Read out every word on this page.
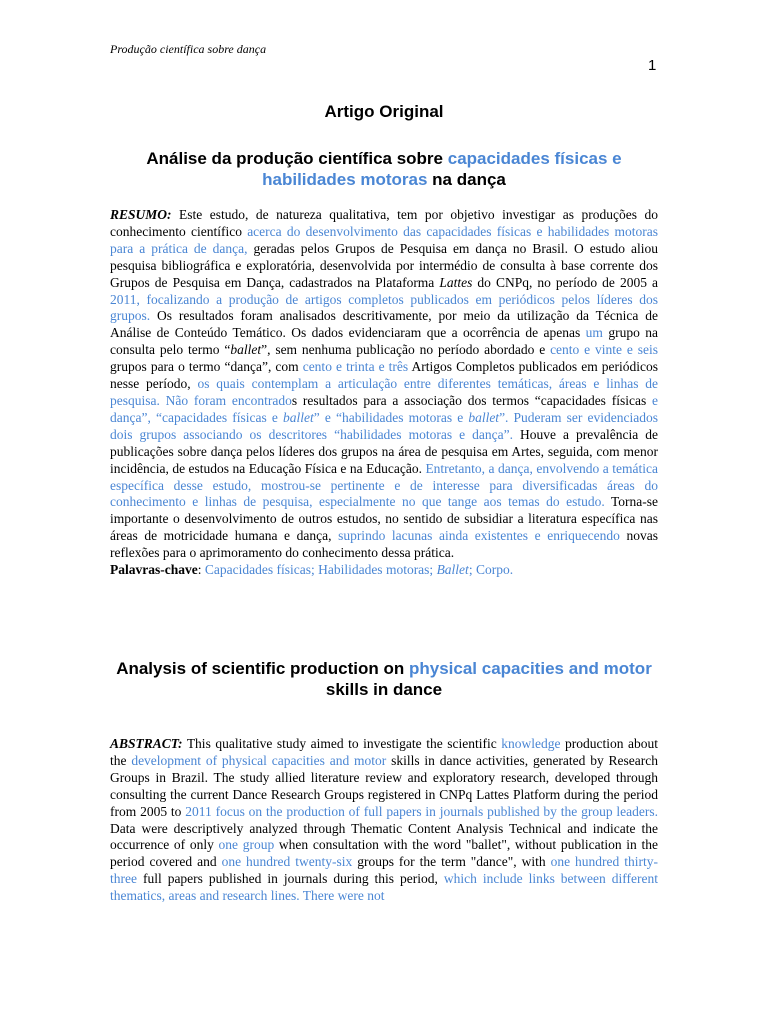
Produção científica sobre dança
1
Artigo Original
Análise da produção científica sobre capacidades físicas e habilidades motoras na dança
RESUMO: Este estudo, de natureza qualitativa, tem por objetivo investigar as produções do conhecimento científico acerca do desenvolvimento das capacidades físicas e habilidades motoras para a prática de dança, geradas pelos Grupos de Pesquisa em dança no Brasil. O estudo aliou pesquisa bibliográfica e exploratória, desenvolvida por intermédio de consulta à base corrente dos Grupos de Pesquisa em Dança, cadastrados na Plataforma Lattes do CNPq, no período de 2005 a 2011, focalizando a produção de artigos completos publicados em periódicos pelos líderes dos grupos. Os resultados foram analisados descritivamente, por meio da utilização da Técnica de Análise de Conteúdo Temático. Os dados evidenciaram que a ocorrência de apenas um grupo na consulta pelo termo “ballet”, sem nenhuma publicação no período abordado e cento e vinte e seis grupos para o termo “dança”, com cento e trinta e três Artigos Completos publicados em periódicos nesse período, os quais contemplam a articulação entre diferentes temáticas, áreas e linhas de pesquisa. Não foram encontrados resultados para a associação dos termos “capacidades físicas e dança”, “capacidades físicas e ballet” e “habilidades motoras e ballet”. Puderam ser evidenciados dois grupos associando os descritores “habilidades motoras e dança”. Houve a prevalência de publicações sobre dança pelos líderes dos grupos na área de pesquisa em Artes, seguida, com menor incidência, de estudos na Educação Física e na Educação. Entretanto, a dança, envolvendo a temática específica desse estudo, mostrou-se pertinente e de interesse para diversificadas áreas do conhecimento e linhas de pesquisa, especialmente no que tange aos temas do estudo. Torna-se importante o desenvolvimento de outros estudos, no sentido de subsidiar a literatura específica nas áreas de motricidade humana e dança, suprindo lacunas ainda existentes e enriquecendo novas reflexões para o aprimoramento do conhecimento dessa prática.
Palavras-chave: Capacidades físicas; Habilidades motoras; Ballet; Corpo.
Analysis of scientific production on physical capacities and motor skills in dance
ABSTRACT: This qualitative study aimed to investigate the scientific knowledge production about the development of physical capacities and motor skills in dance activities, generated by Research Groups in Brazil. The study allied literature review and exploratory research, developed through consulting the current Dance Research Groups registered in CNPq Lattes Platform during the period from 2005 to 2011 focus on the production of full papers in journals published by the group leaders. Data were descriptively analyzed through Thematic Content Analysis Technical and indicate the occurrence of only one group when consultation with the word "ballet", without publication in the period covered and one hundred twenty-six groups for the term "dance", with one hundred thirty-three full papers published in journals during this period, which include links between different thematics, areas and research lines. There were not
